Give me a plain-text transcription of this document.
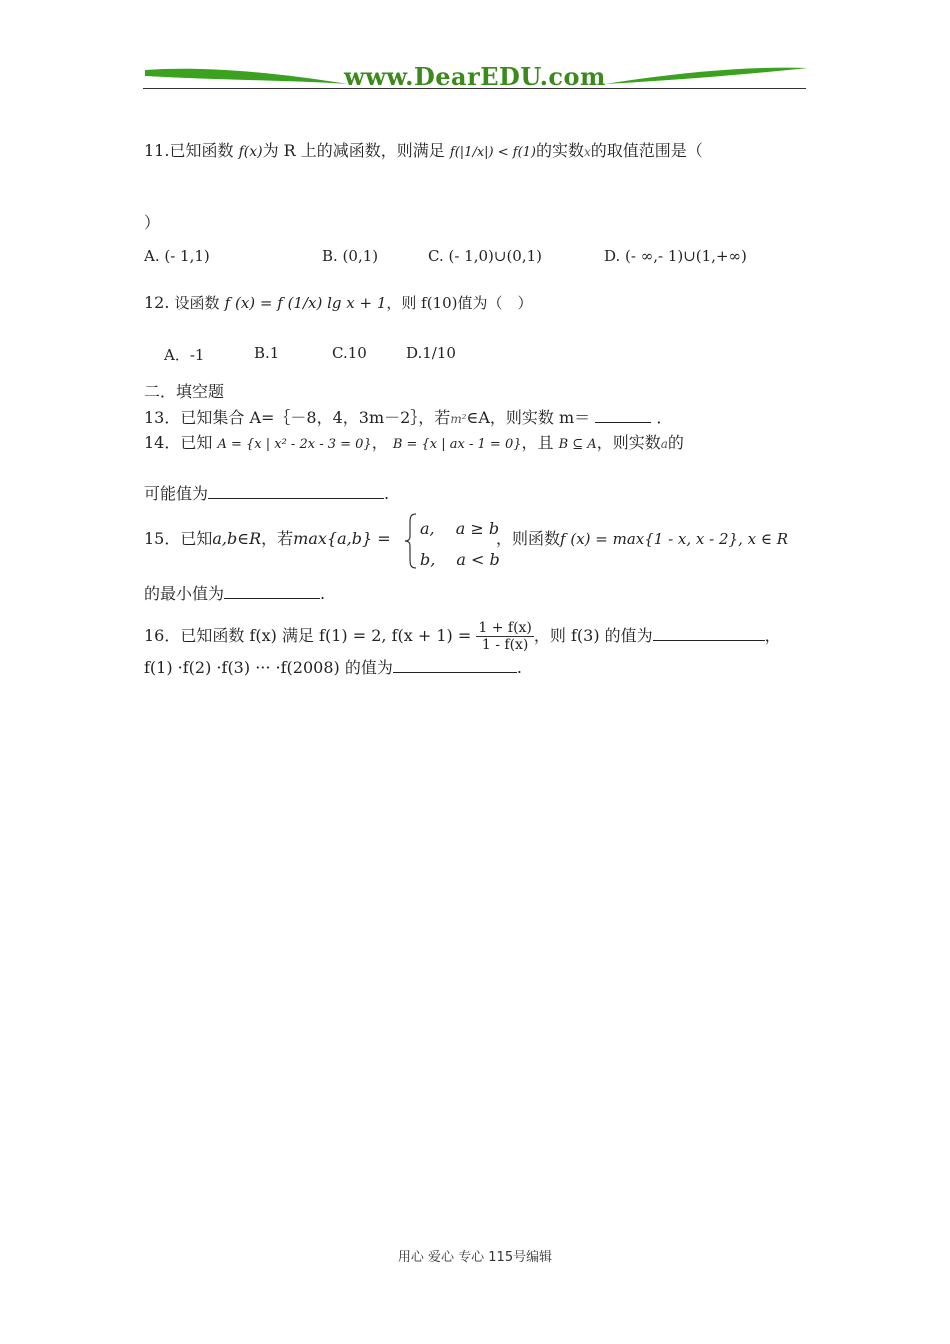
www.DearEDU.com
11.已知函数 f(x)为 R 上的减函数，则满足 f(|1/x|) < f(1)的实数x的取值范围是（
）
A. (- 1,1)	B. (0,1)	C. (- 1,0)∪(0,1)	D. (- ∞,- 1)∪(1,+∞)
12. 设函数 f (x) = f (1/x) lg x + 1，则 f(10)值为（　）
A．-1	B.1	C.10	D.1/10
二．填空题
13．已知集合 A=｛－8，4，3m－2｝，若m²∈A，则实数 m＝	．
14．已知 A = {x | x² - 2x - 3 = 0}， B = {x | ax - 1 = 0}，且 B ⊆ A，则实数a的
可能值为	.
15．已知a,b∈R，若max{a,b} =
a,　 a ≥ b
b,　 a < b
，则函数f (x) = max{1 - x, x - 2}, x ∈ R
的最小值为	.
16．已知函数 f(x) 满足 f(1) = 2, $f(x + 1) = \frac{1 + f(x)}{1 - f(x)}$ ，则 f(3) 的值为	，
f(1) ·f(2) ·f(3) ··· ·f(2008) 的值为	.
用心 爱心 专心 115号编辑
